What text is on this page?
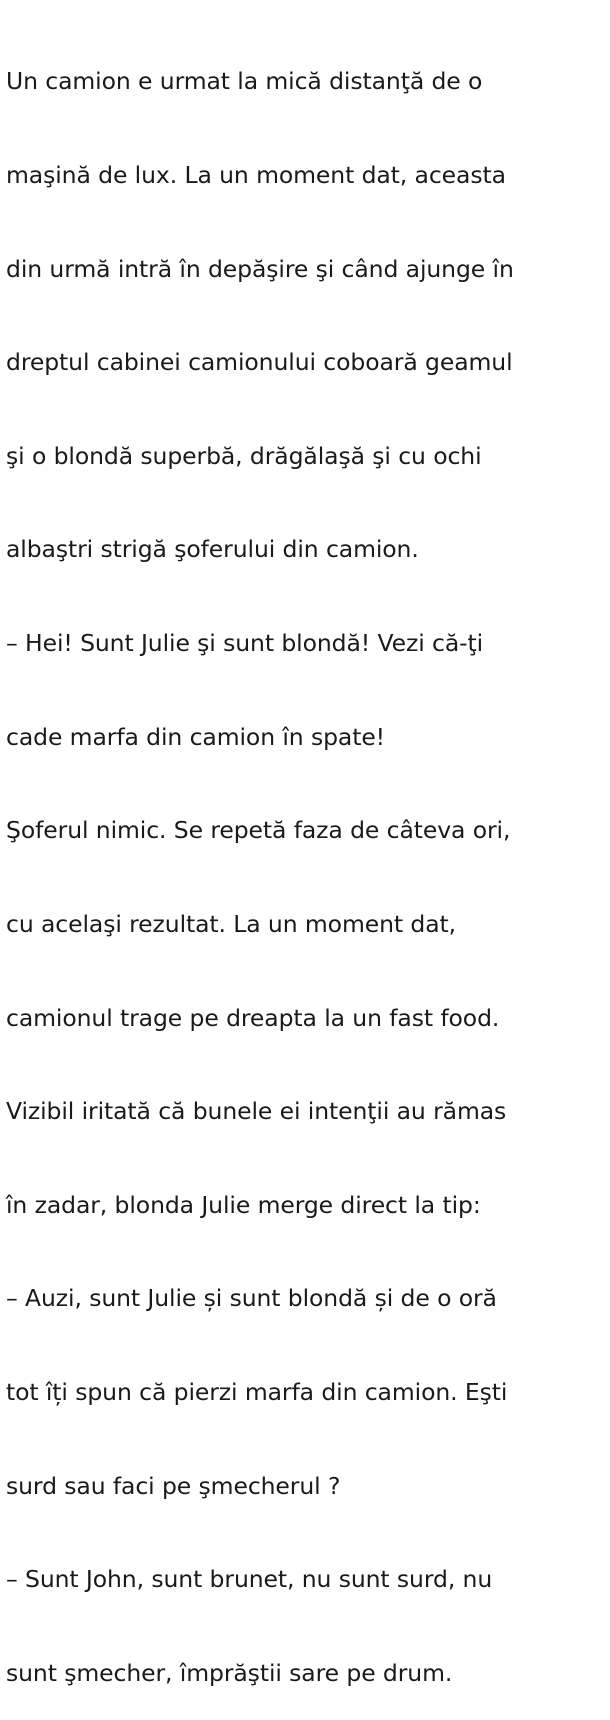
Un camion e urmat la mică distanţă de o

maşină de lux. La un moment dat, aceasta

din urmă intră în depăşire şi când ajunge în

dreptul cabinei camionului coboară geamul

şi o blondă superbă, drăgălaşă şi cu ochi

albaştri strigă şoferului din camion.

– Hei! Sunt Julie şi sunt blondă! Vezi că-ţi

cade marfa din camion în spate!

Şoferul nimic. Se repetă faza de câteva ori,

cu acelaşi rezultat. La un moment dat,

camionul trage pe dreapta la un fast food.

Vizibil iritată că bunele ei intenţii au rămas

în zadar, blonda Julie merge direct la tip:

– Auzi, sunt Julie și sunt blondă și de o oră

tot îți spun că pierzi marfa din camion. Eşti

surd sau faci pe şmecherul ?

– Sunt John, sunt brunet, nu sunt surd, nu

sunt şmecher, împrăştii sare pe drum.
